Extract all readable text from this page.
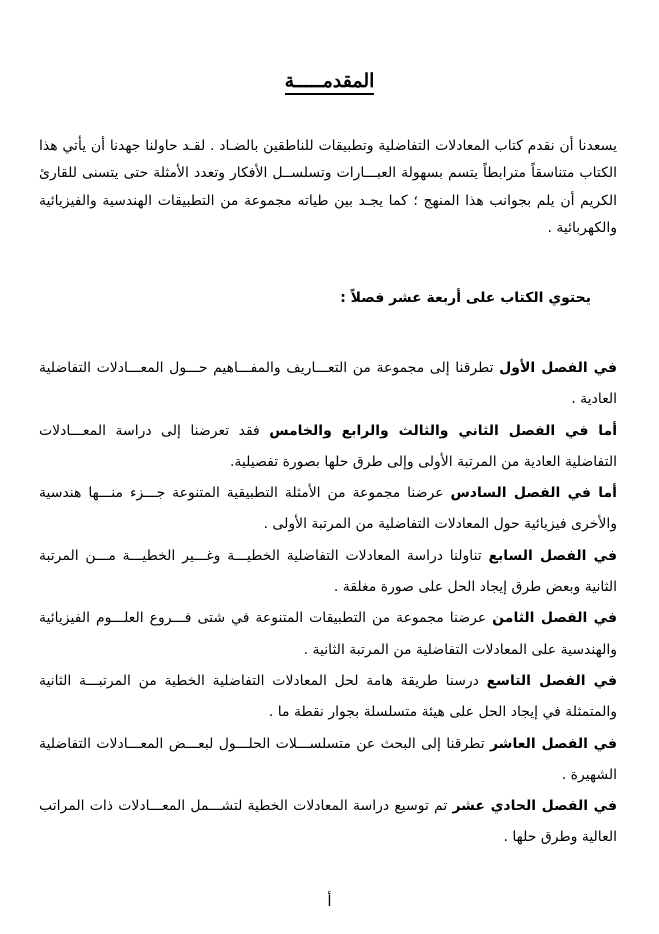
المقدمـــــة

يسعدنا أن نقدم كتاب المعادلات التفاضلية وتطبيقات للناطقين بالضـاد . لقـد حاولنا جهدنا أن يأتي هذا الكتاب متناسقاً مترابطاً يتسم بسهولة العبـــارات وتسلســل الأفكار وتعدد الأمثلة حتى يتسنى للقارئ الكريم أن يلم بجوانب هذا المنهج ؛ كما يجـد بين طياته مجموعة من التطبيقات الهندسية والفيزيائية والكهربائية .

يحتوي الكتاب على أربعة عشر فصلاً :

في الفصل الأول تطرقنا إلى مجموعة من التعـــاريف والمفـــاهيم حـــول المعـــادلات التفاضلية العادية .

أما في الفصل الثاني والثالث والرابع والخامس فقد تعرضنا إلى دراسة المعـــادلات التفاضلية العادية من المرتبة الأولى وإلى طرق حلها بصورة تفصيلية.

أما في الفصل السادس عرضنا مجموعة من الأمثلة التطبيقية المتنوعة جـــزء منـــها هندسية والأخرى فيزيائية حول المعادلات التفاضلية من المرتبة الأولى .

في الفصل السابع تناولنا دراسة المعادلات التفاضلية الخطيـــة وغـــير الخطيـــة مـــن المرتبة الثانية وبعض طرق إيجاد الحل على صورة مغلقة .

في الفصل الثامن عرضنا مجموعة من التطبيقات المتنوعة في شتى فـــروع العلـــوم الفيزيائية والهندسية على المعادلات التفاضلية من المرتبة الثانية .

في الفصل التاسع درسنا طريقة هامة لحل المعادلات التفاضلية الخطية من المرتبـــة الثانية والمتمثلة في إيجاد الحل على هيئة متسلسلة بجوار نقطة ما .

في الفصل العاشر تطرقنا إلى البحث عن متسلســـلات الحلـــول لبعـــض المعـــادلات التفاضلية الشهيرة .

في الفصل الحادي عشر تم توسيع دراسة المعادلات الخطية لتشـــمل المعـــادلات ذات المراتب العالية وطرق حلها .

أ
